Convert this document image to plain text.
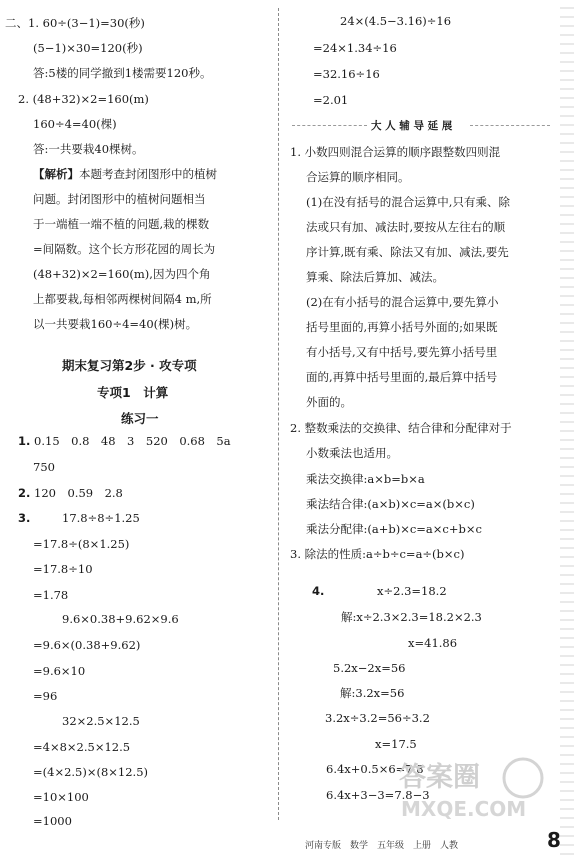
二、1. 60÷(3−1)=30(秒)
(5−1)×30=120(秒)
答:5楼的同学撤到1楼需要120秒。
2. (48+32)×2=160(m)
160÷4=40(棵)
答:一共要栽40棵树。
【解析】本题考查封闭图形中的植树
问题。封闭图形中的植树问题相当
于一端植一端不植的问题,栽的棵数
=间隔数。这个长方形花园的周长为
(48+32)×2=160(m),因为四个角
上都要栽,每相邻两棵树间隔4 m,所
以一共要栽160÷4=40(棵)树。
期末复习第2步 · 攻专项
专项1　计算
练习一
1. 0.15　0.8　48　3　520　0.68　5a
750
2. 120　0.59　2.8
3.	17.8÷8÷1.25
=17.8÷(8×1.25)
=17.8÷10
=1.78
9.6×0.38+9.62×9.6
=9.6×(0.38+9.62)
=9.6×10
=96
32×2.5×12.5
=4×8×2.5×12.5
=(4×2.5)×(8×12.5)
=10×100
=1000
24×(4.5−3.16)÷16
=24×1.34÷16
=32.16÷16
=2.01
大 人 辅 导 延 展
1. 小数四则混合运算的顺序跟整数四则混
合运算的顺序相同。
(1)在没有括号的混合运算中,只有乘、除
法或只有加、减法时,要按从左往右的顺
序计算,既有乘、除法又有加、减法,要先
算乘、除法后算加、减法。
(2)在有小括号的混合运算中,要先算小
括号里面的,再算小括号外面的;如果既
有小括号,又有中括号,要先算小括号里
面的,再算中括号里面的,最后算中括号
外面的。
2. 整数乘法的交换律、结合律和分配律对于
小数乘法也适用。
乘法交换律:a×b=b×a
乘法结合律:(a×b)×c=a×(b×c)
乘法分配律:(a+b)×c=a×c+b×c
3. 除法的性质:a÷b÷c=a÷(b×c)
4.	x÷2.3=18.2
解:x÷2.3×2.3=18.2×2.3
x=41.86
5.2x−2x=56
解:3.2x=56
3.2x÷3.2=56÷3.2
x=17.5
6.4x+0.5×6=7.8
6.4x+3−3=7.8−3
答案圈
MXQE.COM
河南专版　数学　五年级　上册　人教	8
